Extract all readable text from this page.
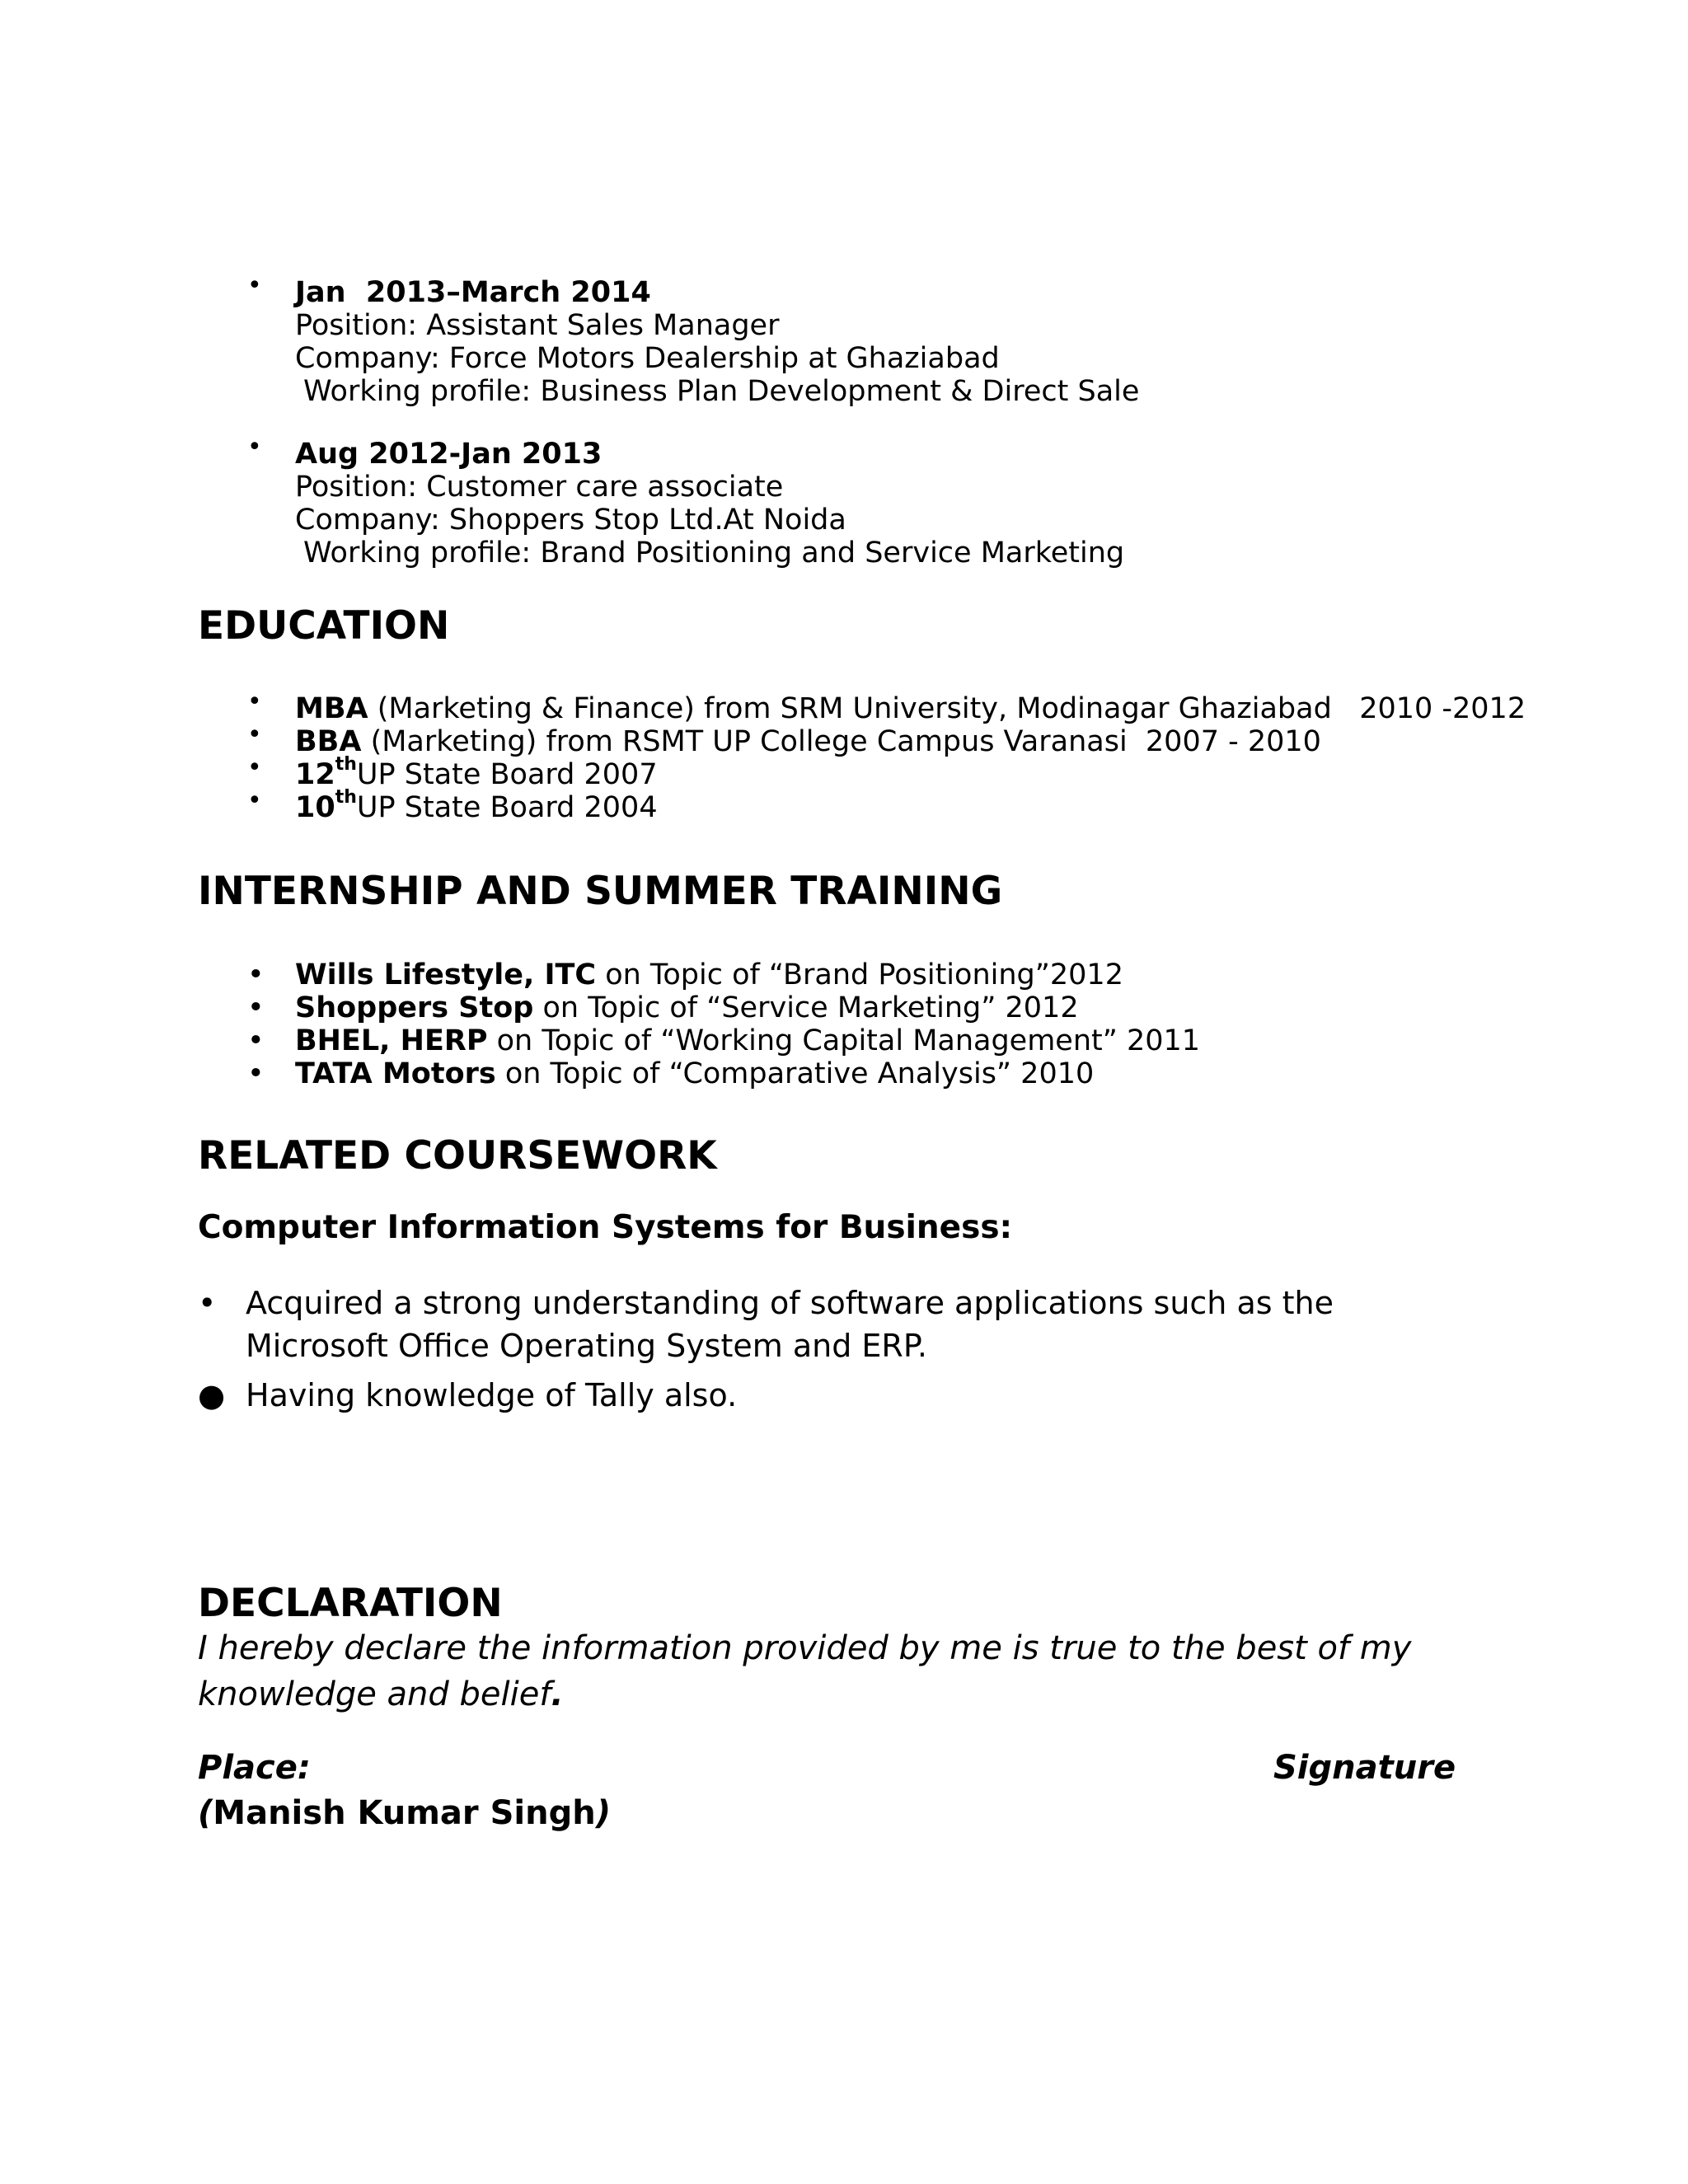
• Jan  2013–March 2014
Position: Assistant Sales Manager
Company: Force Motors Dealership at Ghaziabad
Working profile: Business Plan Development & Direct Sale
• Aug 2012-Jan 2013
Position: Customer care associate
Company: Shoppers Stop Ltd.At Noida
Working profile: Brand Positioning and Service Marketing
EDUCATION

•

MBA (Marketing & Finance) from SRM University, Modinagar Ghaziabad   2010 -2012

•

BBA (Marketing) from RSMT UP College Campus Varanasi  2007 - 2010

•

12thUP State Board 2007

•

10thUP State Board 2004

INTERNSHIP AND SUMMER TRAINING

•

Wills Lifestyle, ITC on Topic of “Brand Positioning”2012

•

Shoppers Stop on Topic of “Service Marketing” 2012

•

BHEL, HERP on Topic of “Working Capital Management” 2011

•

TATA Motors on Topic of “Comparative Analysis” 2010

RELATED COURSEWORK
Computer Information Systems for Business:
• Acquired a strong understanding of software applications such as the Microsoft Office Operating System and ERP.
● Having knowledge of Tally also.
DECLARATION
I hereby declare the information provided by me is true to the best of my knowledge and belief.
Place:	Signature
(Manish Kumar Singh)
